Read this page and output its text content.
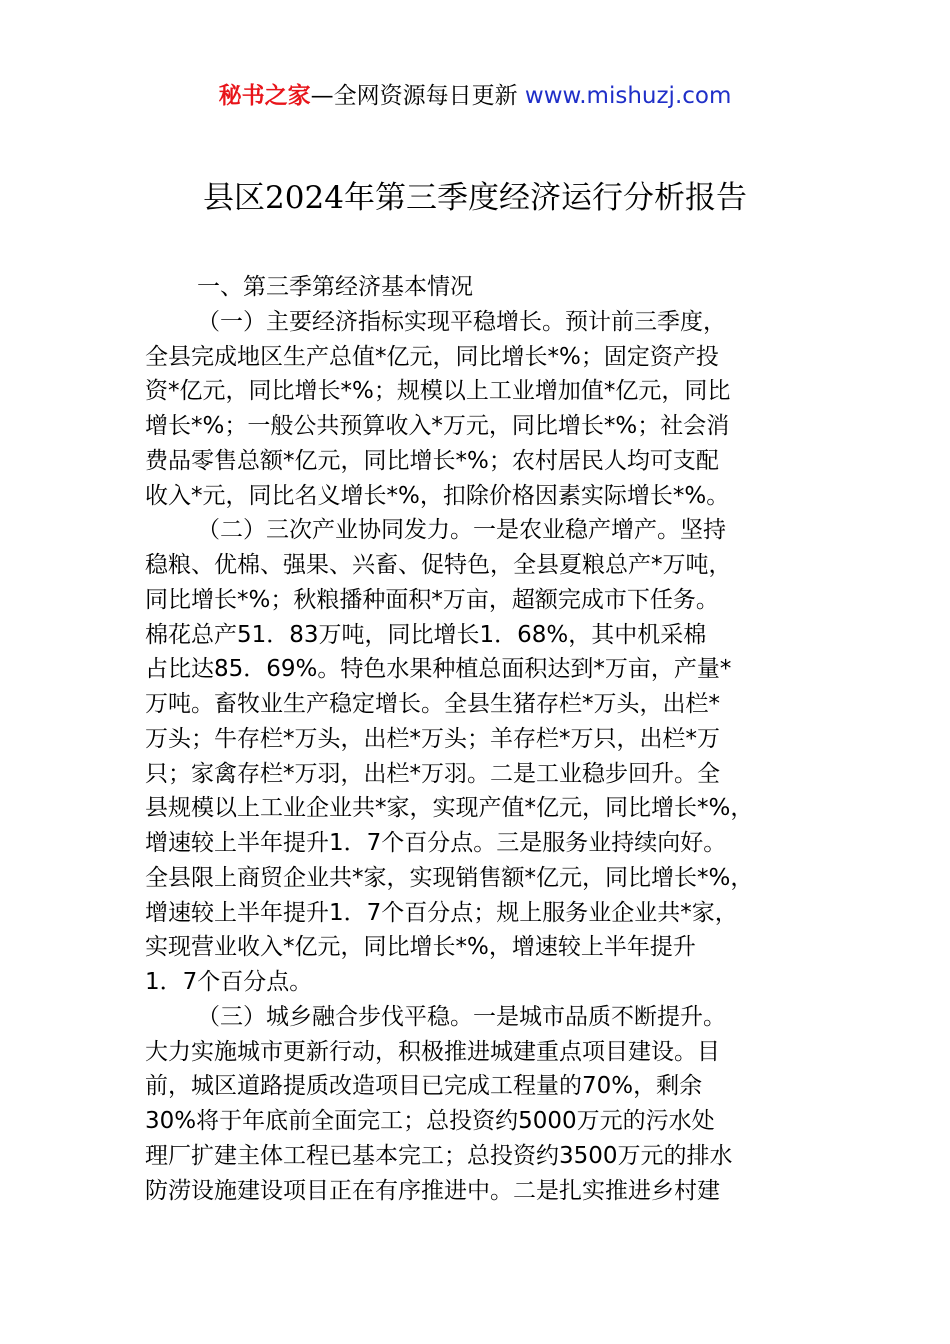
秘书之家—全网资源每日更新 www.mishuzj.com
县区2024年第三季度经济运行分析报告
一、第三季第经济基本情况
（一）主要经济指标实现平稳增长。预计前三季度，
全县完成地区生产总值*亿元，同比增长*%；固定资产投
资*亿元，同比增长*%；规模以上工业增加值*亿元，同比
增长*%；一般公共预算收入*万元，同比增长*%；社会消
费品零售总额*亿元，同比增长*%；农村居民人均可支配
收入*元，同比名义增长*%，扣除价格因素实际增长*%。
（二）三次产业协同发力。一是农业稳产增产。坚持
稳粮、优棉、强果、兴畜、促特色，全县夏粮总产*万吨，
同比增长*%；秋粮播种面积*万亩，超额完成市下任务。
棉花总产51．83万吨，同比增长1．68%，其中机采棉
占比达85．69%。特色水果种植总面积达到*万亩，产量*
万吨。畜牧业生产稳定增长。全县生猪存栏*万头，出栏*
万头；牛存栏*万头，出栏*万头；羊存栏*万只，出栏*万
只；家禽存栏*万羽，出栏*万羽。二是工业稳步回升。全
县规模以上工业企业共*家，实现产值*亿元，同比增长*%，
增速较上半年提升1．7个百分点。三是服务业持续向好。
全县限上商贸企业共*家，实现销售额*亿元，同比增长*%，
增速较上半年提升1．7个百分点；规上服务业企业共*家，
实现营业收入*亿元，同比增长*%，增速较上半年提升
1．7个百分点。
（三）城乡融合步伐平稳。一是城市品质不断提升。
大力实施城市更新行动，积极推进城建重点项目建设。目
前，城区道路提质改造项目已完成工程量的70%，剩余
30%将于年底前全面完工；总投资约5000万元的污水处
理厂扩建主体工程已基本完工；总投资约3500万元的排水
防涝设施建设项目正在有序推进中。二是扎实推进乡村建
